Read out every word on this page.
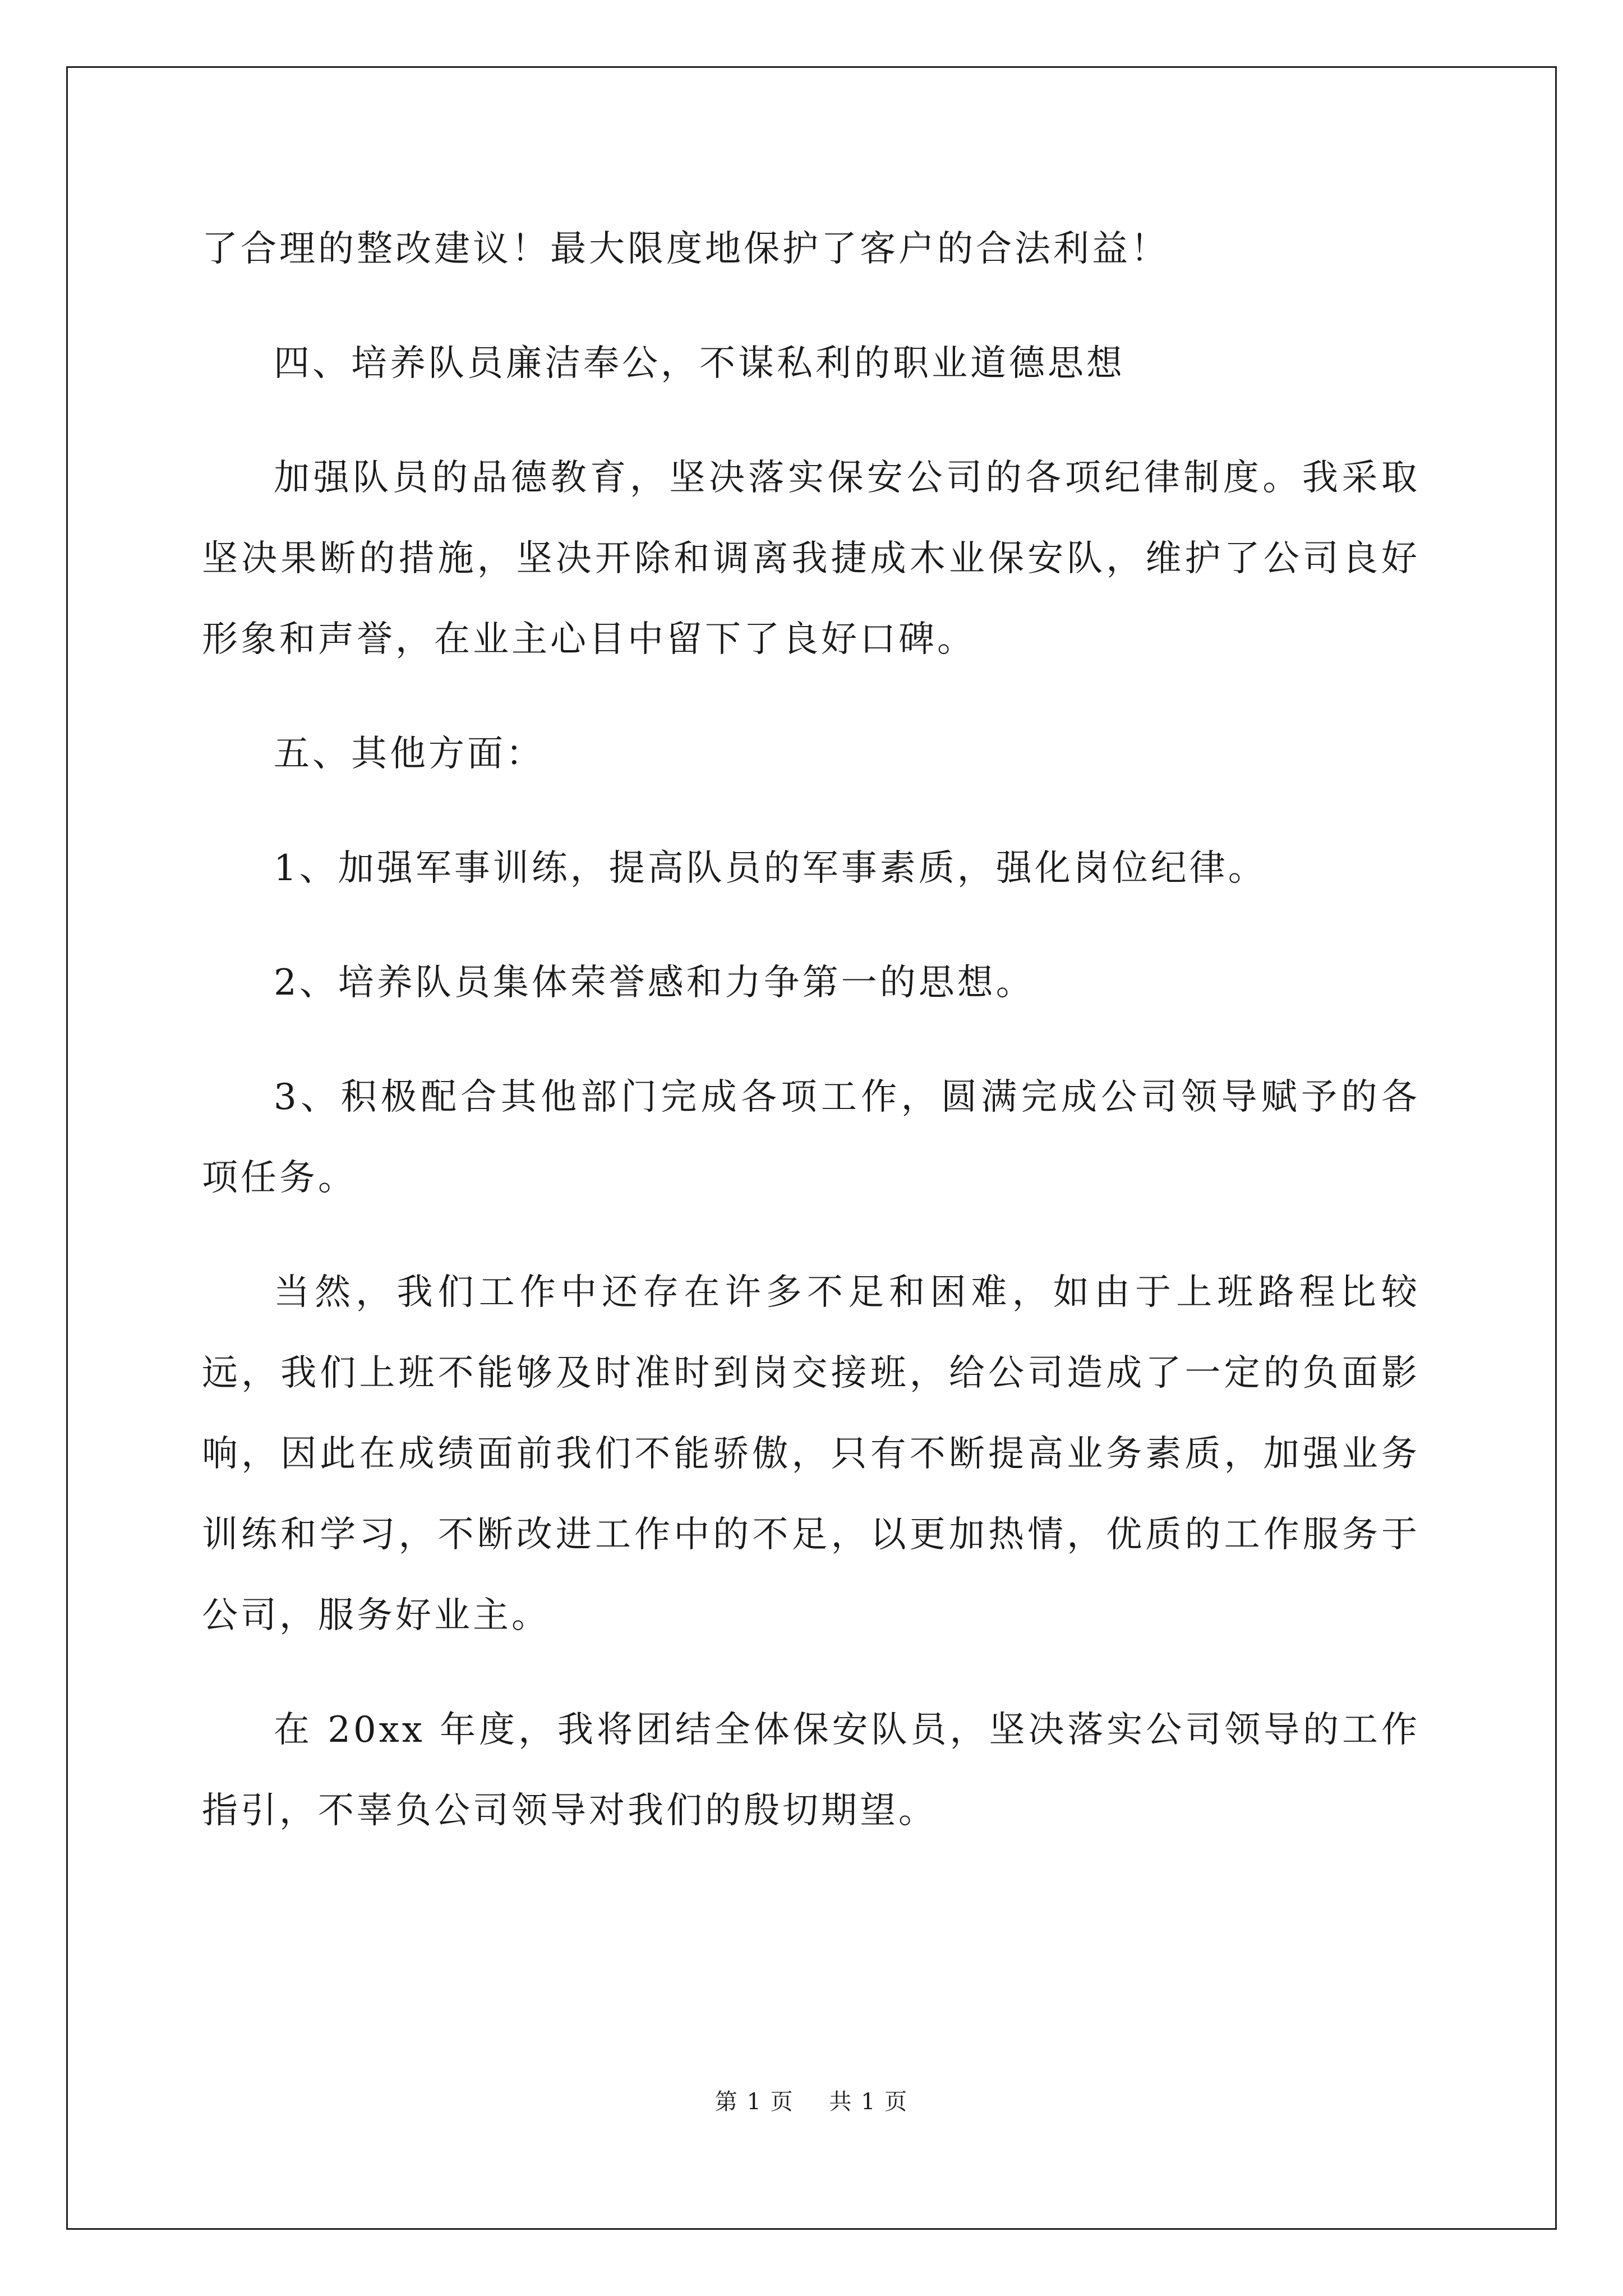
了合理的整改建议！最大限度地保护了客户的合法利益！

四、培养队员廉洁奉公，不谋私利的职业道德思想

加强队员的品德教育，坚决落实保安公司的各项纪律制度。我采取坚决果断的措施，坚决开除和调离我捷成木业保安队，维护了公司良好形象和声誉，在业主心目中留下了良好口碑。

五、其他方面：

1、加强军事训练，提高队员的军事素质，强化岗位纪律。

2、培养队员集体荣誉感和力争第一的思想。

3、积极配合其他部门完成各项工作，圆满完成公司领导赋予的各项任务。

当然，我们工作中还存在许多不足和困难，如由于上班路程比较远，我们上班不能够及时准时到岗交接班，给公司造成了一定的负面影响，因此在成绩面前我们不能骄傲，只有不断提高业务素质，加强业务训练和学习，不断改进工作中的不足，以更加热情，优质的工作服务于公司，服务好业主。

在 20xx 年度，我将团结全体保安队员，坚决落实公司领导的工作指引，不辜负公司领导对我们的殷切期望。

第 1 页 共 1 页
